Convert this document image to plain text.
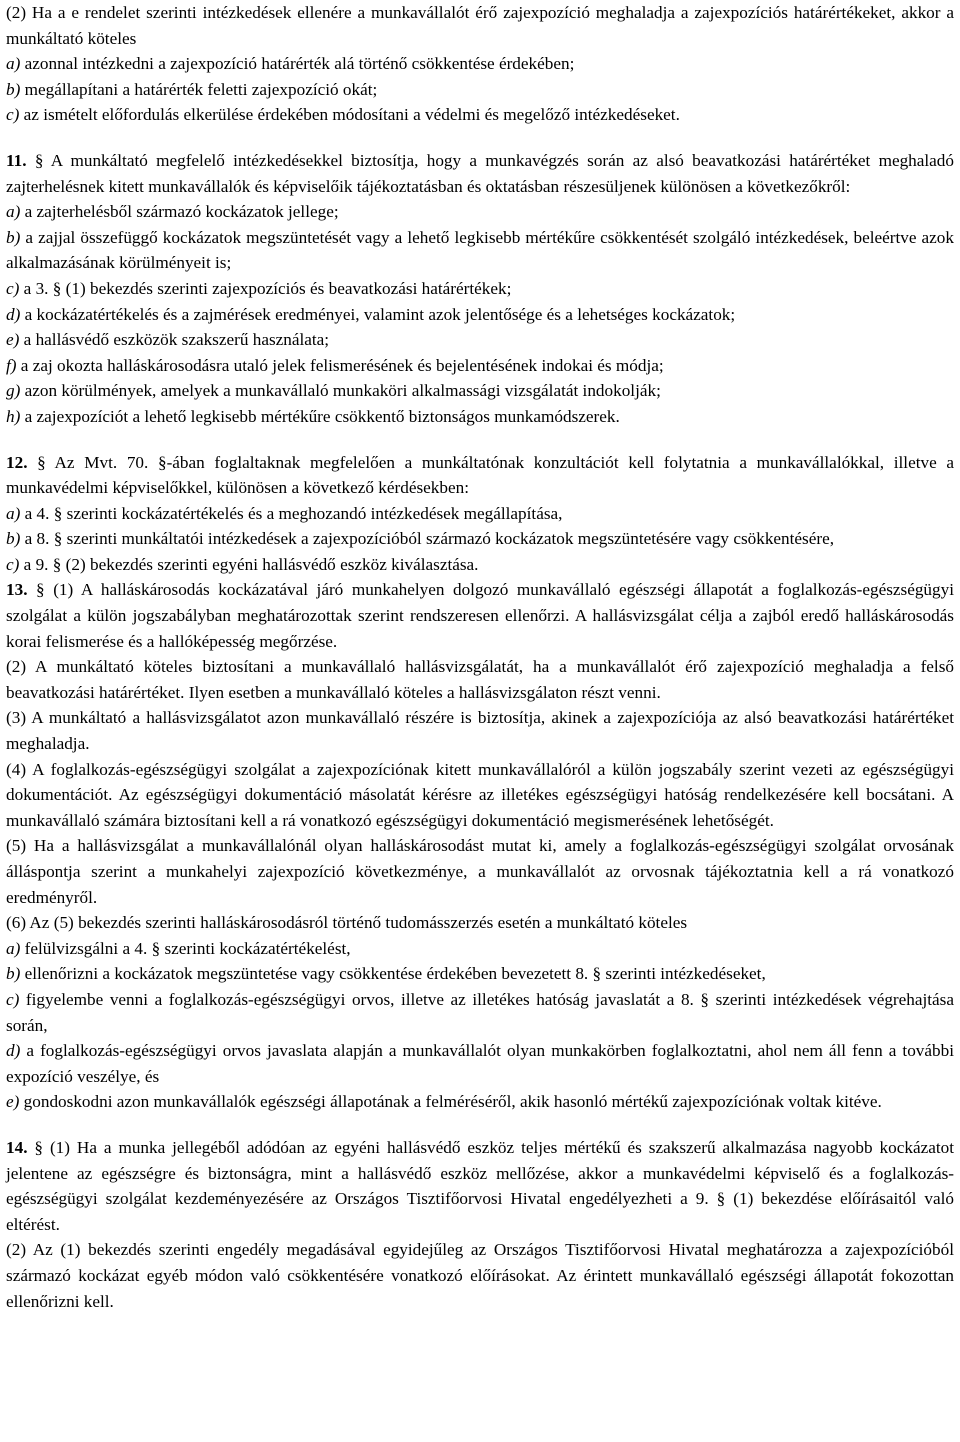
(2) Ha a e rendelet szerinti intézkedések ellenére a munkavállalót érő zajexpozíció meghaladja a zajexpozíciós határértékeket, akkor a munkáltató köteles

a) azonnal intézkedni a zajexpozíció határérték alá történő csökkentése érdekében;

b) megállapítani a határérték feletti zajexpozíció okát;

c) az ismételt előfordulás elkerülése érdekében módosítani a védelmi és megelőző intézkedéseket.

11. § A munkáltató megfelelő intézkedésekkel biztosítja, hogy a munkavégzés során az alsó beavatkozási határértéket meghaladó zajterhelésnek kitett munkavállalók és képviselőik tájékoztatásban és oktatásban részesüljenek különösen a következőkről:

a) a zajterhelésből származó kockázatok jellege;

b) a zajjal összefüggő kockázatok megszüntetését vagy a lehető legkisebb mértékűre csökkentését szolgáló intézkedések, beleértve azok alkalmazásának körülményeit is;

c) a 3. § (1) bekezdés szerinti zajexpozíciós és beavatkozási határértékek;

d) a kockázatértékelés és a zajmérések eredményei, valamint azok jelentősége és a lehetséges kockázatok;

e) a hallásvédő eszközök szakszerű használata;

f) a zaj okozta halláskárosodásra utaló jelek felismerésének és bejelentésének indokai és módja;

g) azon körülmények, amelyek a munkavállaló munkaköri alkalmassági vizsgálatát indokolják;

h) a zajexpozíciót a lehető legkisebb mértékűre csökkentő biztonságos munkamódszerek.

12. § Az Mvt. 70. §-ában foglaltaknak megfelelően a munkáltatónak konzultációt kell folytatnia a munkavállalókkal, illetve a munkavédelmi képviselőkkel, különösen a következő kérdésekben:

a) a 4. § szerinti kockázatértékelés és a meghozandó intézkedések megállapítása,

b) a 8. § szerinti munkáltatói intézkedések a zajexpozícióból származó kockázatok megszüntetésére vagy csökkentésére,

c) a 9. § (2) bekezdés szerinti egyéni hallásvédő eszköz kiválasztása.

13. § (1) A halláskárosodás kockázatával járó munkahelyen dolgozó munkavállaló egészségi állapotát a foglalkozás-egészségügyi szolgálat a külön jogszabályban meghatározottak szerint rendszeresen ellenőrzi. A hallásvizsgálat célja a zajból eredő halláskárosodás korai felismerése és a hallóképesség megőrzése.

(2) A munkáltató köteles biztosítani a munkavállaló hallásvizsgálatát, ha a munkavállalót érő zajexpozíció meghaladja a felső beavatkozási határértéket. Ilyen esetben a munkavállaló köteles a hallásvizsgálaton részt venni.

(3) A munkáltató a hallásvizsgálatot azon munkavállaló részére is biztosítja, akinek a zajexpozíciója az alsó beavatkozási határértéket meghaladja.

(4) A foglalkozás-egészségügyi szolgálat a zajexpozíciónak kitett munkavállalóról a külön jogszabály szerint vezeti az egészségügyi dokumentációt. Az egészségügyi dokumentáció másolatát kérésre az illetékes egészségügyi hatóság rendelkezésére kell bocsátani. A munkavállaló számára biztosítani kell a rá vonatkozó egészségügyi dokumentáció megismerésének lehetőségét.

(5) Ha a hallásvizsgálat a munkavállalónál olyan halláskárosodást mutat ki, amely a foglalkozás-egészségügyi szolgálat orvosának álláspontja szerint a munkahelyi zajexpozíció következménye, a munkavállalót az orvosnak tájékoztatnia kell a rá vonatkozó eredményről.

(6) Az (5) bekezdés szerinti halláskárosodásról történő tudomásszerzés esetén a munkáltató köteles

a) felülvizsgálni a 4. § szerinti kockázatértékelést,

b) ellenőrizni a kockázatok megszüntetése vagy csökkentése érdekében bevezetett 8. § szerinti intézkedéseket,

c) figyelembe venni a foglalkozás-egészségügyi orvos, illetve az illetékes hatóság javaslatát a 8. § szerinti intézkedések végrehajtása során,

d) a foglalkozás-egészségügyi orvos javaslata alapján a munkavállalót olyan munkakörben foglalkoztatni, ahol nem áll fenn a további expozíció veszélye, és

e) gondoskodni azon munkavállalók egészségi állapotának a felméréséről, akik hasonló mértékű zajexpozíciónak voltak kitéve.

14. § (1) Ha a munka jellegéből adódóan az egyéni hallásvédő eszköz teljes mértékű és szakszerű alkalmazása nagyobb kockázatot jelentene az egészségre és biztonságra, mint a hallásvédő eszköz mellőzése, akkor a munkavédelmi képviselő és a foglalkozás-egészségügyi szolgálat kezdeményezésére az Országos Tisztifőorvosi Hivatal engedélyezheti a 9. § (1) bekezdése előírásaitól való eltérést.

(2) Az (1) bekezdés szerinti engedély megadásával egyidejűleg az Országos Tisztifőorvosi Hivatal meghatározza a zajexpozícióból származó kockázat egyéb módon való csökkentésére vonatkozó előírásokat. Az érintett munkavállaló egészségi állapotát fokozottan ellenőrizni kell.
